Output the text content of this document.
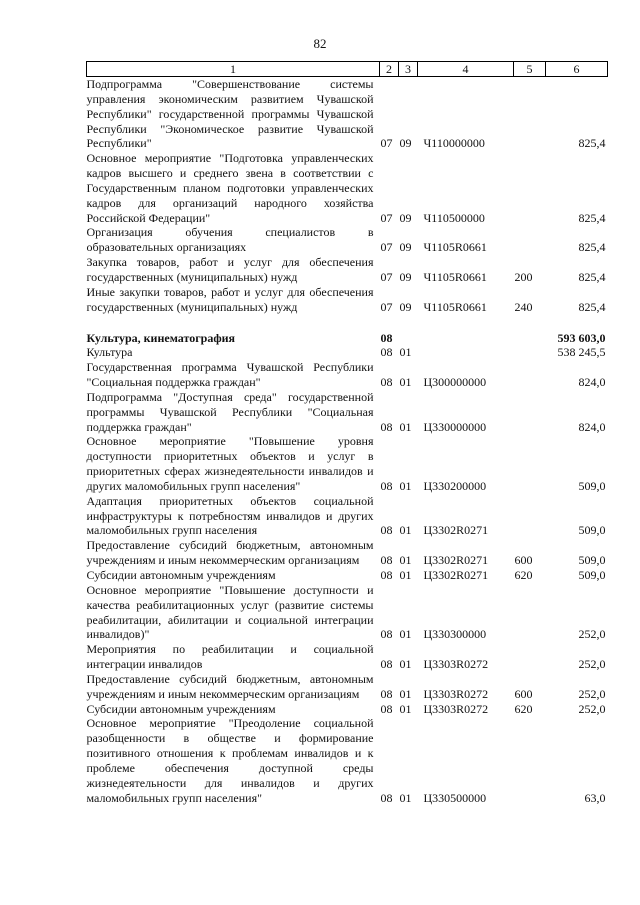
82
1	2	3	4	5	6
Подпрограмма "Совершенствование системы управления экономическим развитием Чувашской Республики" государственной программы Чувашской Республики "Экономическое развитие Чувашской Республики"	07	09	Ч110000000		825,4
Основное мероприятие "Подготовка управленческих кадров высшего и среднего звена в соответствии с Государственным планом подготовки управленческих кадров для организаций народного хозяйства Российской Федерации"	07	09	Ч110500000		825,4
Организация обучения специалистов в образовательных организациях	07	09	Ч1105R0661		825,4
Закупка товаров, работ и услуг для обеспечения государственных (муниципальных) нужд	07	09	Ч1105R0661	200	825,4
Иные закупки товаров, работ и услуг для обеспечения государственных (муниципальных) нужд	07	09	Ч1105R0661	240	825,4

Культура, кинематография	08				593 603,0
Культура	08	01			538 245,5
Государственная программа Чувашской Республики "Социальная поддержка граждан"	08	01	Ц300000000		824,0
Подпрограмма "Доступная среда" государственной программы Чувашской Республики "Социальная поддержка граждан"	08	01	Ц330000000		824,0
Основное мероприятие "Повышение уровня доступности приоритетных объектов и услуг в приоритетных сферах жизнедеятельности инвалидов и других маломобильных групп населения"	08	01	Ц330200000		509,0
Адаптация приоритетных объектов социальной инфраструктуры к потребностям инвалидов и других маломобильных групп населения	08	01	Ц3302R0271		509,0
Предоставление субсидий бюджетным, автономным учреждениям и иным некоммерческим организациям	08	01	Ц3302R0271	600	509,0
Субсидии автономным учреждениям	08	01	Ц3302R0271	620	509,0
Основное мероприятие "Повышение доступности и качества реабилитационных услуг (развитие системы реабилитации, абилитации и социальной интеграции инвалидов)"	08	01	Ц330300000		252,0
Мероприятия по реабилитации и социальной интеграции инвалидов	08	01	Ц3303R0272		252,0
Предоставление субсидий бюджетным, автономным учреждениям и иным некоммерческим организациям	08	01	Ц3303R0272	600	252,0
Субсидии автономным учреждениям	08	01	Ц3303R0272	620	252,0
Основное мероприятие "Преодоление социальной разобщенности в обществе и формирование позитивного отношения к проблемам инвалидов и к проблеме обеспечения доступной среды жизнедеятельности для инвалидов и других маломобильных групп населения"	08	01	Ц330500000		63,0
